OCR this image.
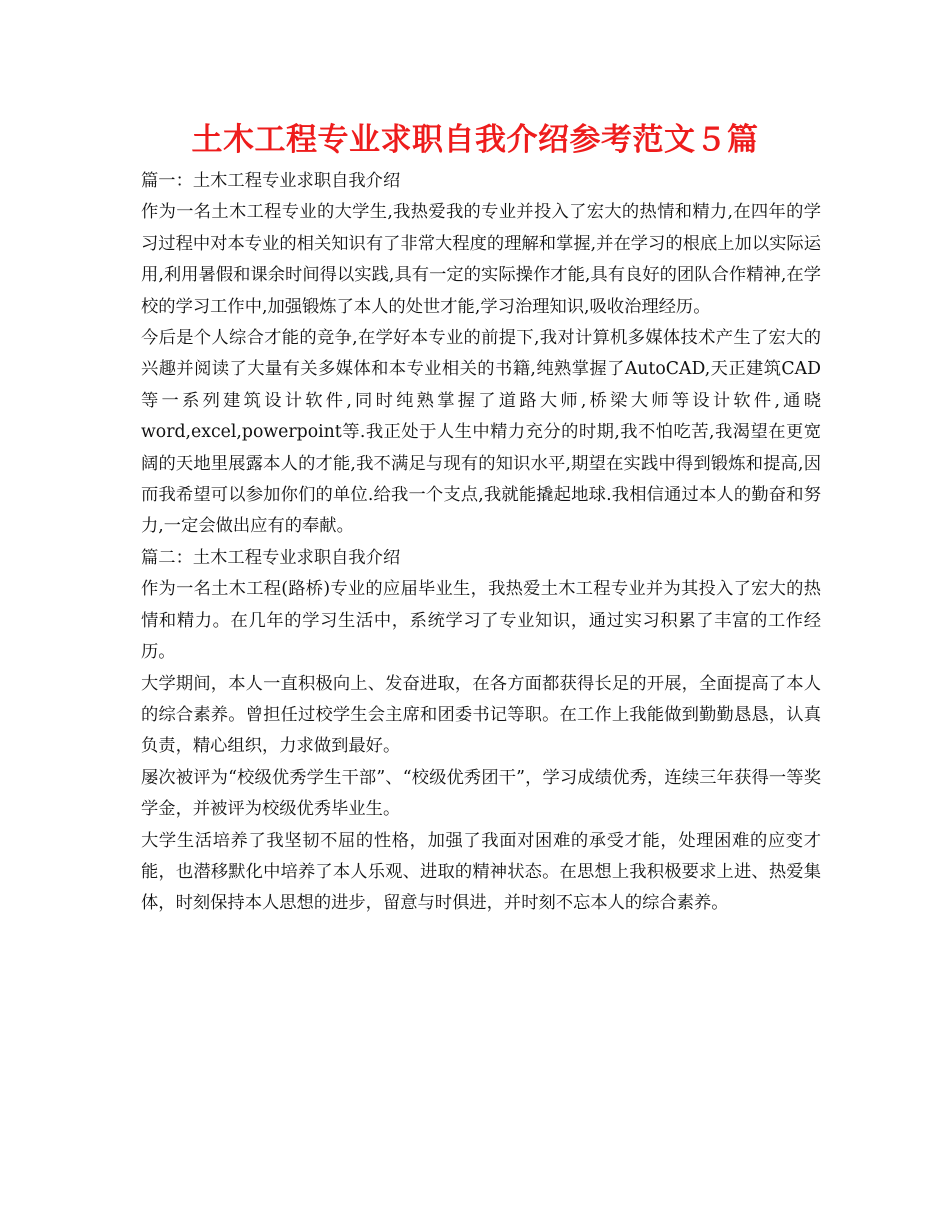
土木工程专业求职自我介绍参考范文５篇

篇一：土木工程专业求职自我介绍

作为一名土木工程专业的大学生,我热爱我的专业并投入了宏大的热情和精力,在四年的学习过程中对本专业的相关知识有了非常大程度的理解和掌握,并在学习的根底上加以实际运用,利用暑假和课余时间得以实践,具有一定的实际操作才能,具有良好的团队合作精神,在学校的学习工作中,加强锻炼了本人的处世才能,学习治理知识,吸收治理经历。

今后是个人综合才能的竞争,在学好本专业的前提下,我对计算机多媒体技术产生了宏大的兴趣并阅读了大量有关多媒体和本专业相关的书籍,纯熟掌握了AutoCAD,天正建筑CAD等一系列建筑设计软件,同时纯熟掌握了道路大师,桥梁大师等设计软件,通晓word,excel,powerpoint等.我正处于人生中精力充分的时期,我不怕吃苦,我渴望在更宽阔的天地里展露本人的才能,我不满足与现有的知识水平,期望在实践中得到锻炼和提高,因而我希望可以参加你们的单位.给我一个支点,我就能撬起地球.我相信通过本人的勤奋和努力,一定会做出应有的奉献。

篇二：土木工程专业求职自我介绍

作为一名土木工程(路桥)专业的应届毕业生，我热爱土木工程专业并为其投入了宏大的热情和精力。在几年的学习生活中，系统学习了专业知识，通过实习积累了丰富的工作经历。

大学期间，本人一直积极向上、发奋进取，在各方面都获得长足的开展，全面提高了本人的综合素养。曾担任过校学生会主席和团委书记等职。在工作上我能做到勤勤恳恳，认真负责，精心组织，力求做到最好。

屡次被评为“校级优秀学生干部”、“校级优秀团干”，学习成绩优秀，连续三年获得一等奖学金，并被评为校级优秀毕业生。

大学生活培养了我坚韧不屈的性格，加强了我面对困难的承受才能，处理困难的应变才能，也潜移默化中培养了本人乐观、进取的精神状态。在思想上我积极要求上进、热爱集体，时刻保持本人思想的进步，留意与时俱进，并时刻不忘本人的综合素养。
